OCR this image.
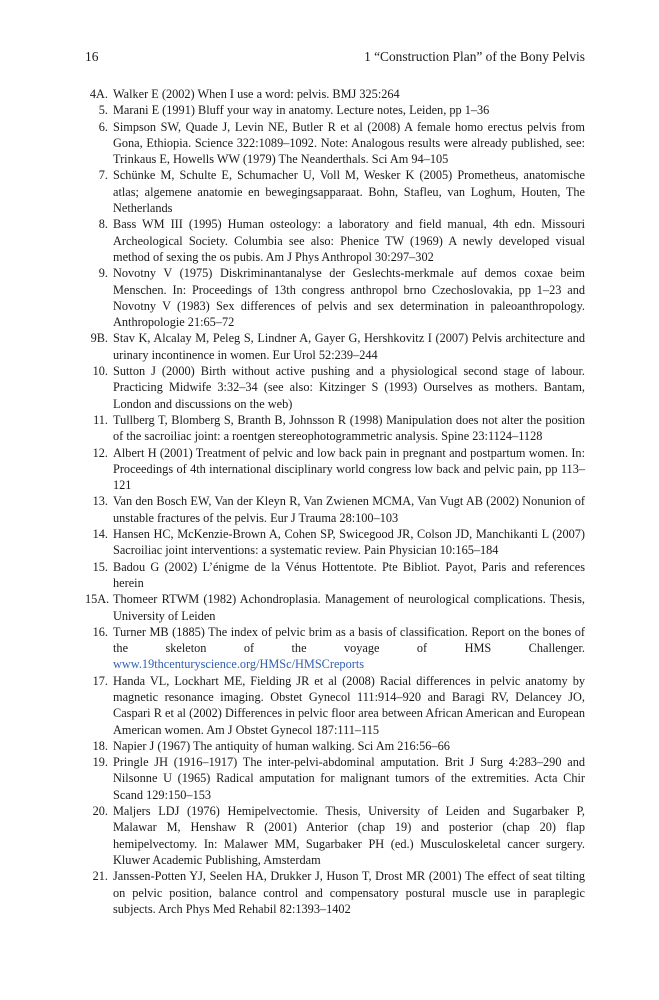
16	1 “Construction Plan” of the Bony Pelvis
4A. Walker E (2002) When I use a word: pelvis. BMJ 325:264
5. Marani E (1991) Bluff your way in anatomy. Lecture notes, Leiden, pp 1–36
6. Simpson SW, Quade J, Levin NE, Butler R et al (2008) A female homo erectus pelvis from Gona, Ethiopia. Science 322:1089–1092. Note: Analogous results were already published, see: Trinkaus E, Howells WW (1979) The Neanderthals. Sci Am 94–105
7. Schünke M, Schulte E, Schumacher U, Voll M, Wesker K (2005) Prometheus, anatomische atlas; algemene anatomie en bewegingsapparaat. Bohn, Stafleu, van Loghum, Houten, The Netherlands
8. Bass WM III (1995) Human osteology: a laboratory and field manual, 4th edn. Missouri Archeological Society. Columbia see also: Phenice TW (1969) A newly developed visual method of sexing the os pubis. Am J Phys Anthropol 30:297–302
9. Novotny V (1975) Diskriminantanalyse der Geslechts-merkmale auf demos coxae beim Menschen. In: Proceedings of 13th congress anthropol brno Czechoslovakia, pp 1–23 and Novotny V (1983) Sex differences of pelvis and sex determination in paleoanthropology. Anthropologie 21:65–72
9B. Stav K, Alcalay M, Peleg S, Lindner A, Gayer G, Hershkovitz I (2007) Pelvis architecture and urinary incontinence in women. Eur Urol 52:239–244
10. Sutton J (2000) Birth without active pushing and a physiological second stage of labour. Practicing Midwife 3:32–34 (see also: Kitzinger S (1993) Ourselves as mothers. Bantam, London and discussions on the web)
11. Tullberg T, Blomberg S, Branth B, Johnsson R (1998) Manipulation does not alter the position of the sacroiliac joint: a roentgen stereophotogrammetric analysis. Spine 23:1124–1128
12. Albert H (2001) Treatment of pelvic and low back pain in pregnant and postpartum women. In: Proceedings of 4th international disciplinary world congress low back and pelvic pain, pp 113–121
13. Van den Bosch EW, Van der Kleyn R, Van Zwienen MCMA, Van Vugt AB (2002) Nonunion of unstable fractures of the pelvis. Eur J Trauma 28:100–103
14. Hansen HC, McKenzie-Brown A, Cohen SP, Swicegood JR, Colson JD, Manchikanti L (2007) Sacroiliac joint interventions: a systematic review. Pain Physician 10:165–184
15. Badou G (2002) L’énigme de la Vénus Hottentote. Pte Bibliot. Payot, Paris and references herein
15A. Thomeer RTWM (1982) Achondroplasia. Management of neurological complications. Thesis, University of Leiden
16. Turner MB (1885) The index of pelvic brim as a basis of classification. Report on the bones of the skeleton of the voyage of HMS Challenger. www.19thcenturyscience.org/HMSc/HMSCreports
17. Handa VL, Lockhart ME, Fielding JR et al (2008) Racial differences in pelvic anatomy by magnetic resonance imaging. Obstet Gynecol 111:914–920 and Baragi RV, Delancey JO, Caspari R et al (2002) Differences in pelvic floor area between African American and European American women. Am J Obstet Gynecol 187:111–115
18. Napier J (1967) The antiquity of human walking. Sci Am 216:56–66
19. Pringle JH (1916–1917) The inter-pelvi-abdominal amputation. Brit J Surg 4:283–290 and Nilsonne U (1965) Radical amputation for malignant tumors of the extremities. Acta Chir Scand 129:150–153
20. Maljers LDJ (1976) Hemipelvectomie. Thesis, University of Leiden and Sugarbaker P, Malawar M, Henshaw R (2001) Anterior (chap 19) and posterior (chap 20) flap hemipelvectomy. In: Malawer MM, Sugarbaker PH (ed.) Musculoskeletal cancer surgery. Kluwer Academic Publishing, Amsterdam
21. Janssen-Potten YJ, Seelen HA, Drukker J, Huson T, Drost MR (2001) The effect of seat tilting on pelvic position, balance control and compensatory postural muscle use in paraplegic subjects. Arch Phys Med Rehabil 82:1393–1402
